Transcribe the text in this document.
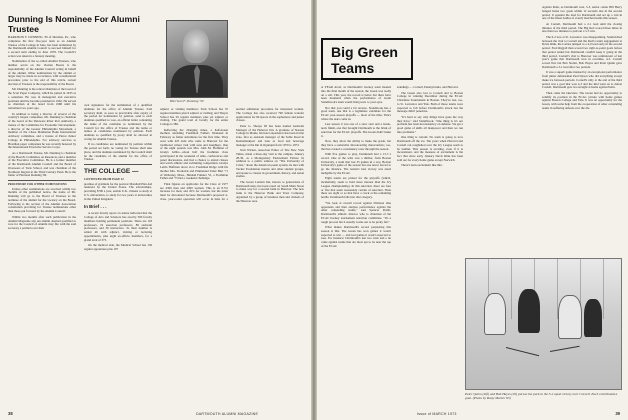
Dunning Is Nominee For Alumni Trustee
Harrison F. Dunning '30

HARRISON F. DUNNING '30 of Meridan, Pa., who completes his first five-year term as an Alumni Trustee of the College in June, has been nominated by the Dartmouth Alumni Council to succeed himself for a second term ending in June 1978. The Council's action was taken in a January meeting.

Nomination of the so-called Alumni Trustees, who number seven on the 16-man Board, is the responsibility of the Alumni Council acting in behalf of the alumni. Other nominations by the alumni or larger may be made in accordance with constitutional procedure prior to the end of this article. Actual election of Trustees is the responsibility of the Board.

Mr. Dunning is the retired chairman of the board of the Scott Paper Company, which he joined in 1933 as a salesman. He rose in managerial and executive positions until he became president in 1962. He served as chairman of the board from 1968 until his retirement two years ago.

In addition to being a director of several of the country's largest companies, Mr. Dunning is chairman of the board of the Delaware River Port Authority, a trustee of the Committee for Economic Development, a director of the Greater Philadelphia Movement, a member of the Chase Manhattan Bank International Advisory committee, and a trustee of Pierce Junior College in Philadelphia. For advisory services to Brazilian paper companies he was recently honored by the International Executive Service Corps.

As a Dartmouth Trustee, Mr. Dunning is chairman of the Board's Committee on Resources and a member of the Executive Committee. He is a former member of the Dartmouth Alumni Council and the Board of Overseers of Tuck School, and was chairman of the Northeast Region in the Third Century Fund. He is the father of Harrison Dunning '69.

PROCEDURE FOR OTHER NOMINATIONS

Unless other nominations are received within two months of the published notice, the name of Mr. Dunning will go to the Board of Trustees as the nominee of the alumni for the vacancy on the Board. Following is the section of the Alumni Association constitution providing for Trustee nominations other than those put forward by the Alumni Council:

Within two months after such publication in the Alumni Magazine any ten alumni deemed qualified to vote for the Council of Alumni may file with the said secretary a petition over their

own signatures for the nomination of a qualified alumnus for the office of Alumni Trustee. Said secretary shall, as soon as practicable after expiry of the period for nomination by petition, send to each alumnus qualified to vote, an official ballot containing the name of the candidate so nominated by the Council for the office of Trustee and the name or names of candidates nominated by petition. Each alumnus so qualified by proxy shall be allowed in voting for Alumni Trustee.

If no candidates are nominated by petition within the period set forth, no voting for Trustee shall take place, and the alumnus nominated by the Council shall be the candidate of the alumni for the office of Trustee.

THE COLLEGE —
CONTINUED FROM PAGE 32

promise of gratitude for the postwar Marshall Plan Aid tendered by the United States. The scholarships, providing $700 a year, enable U.K. citizens to study at U.S. universities, to study for two years at universities in the United Kingdom.

In Brief . . .

A recent faculty report on tenure indicated that the College of Arts and Sciences has exactly 300 faculty members holding permanent positions. There are 118 professors, 19 associate professors, 89 assistant professors, and 36 instructors. To their number is added 46 with adjunct, visiting or lecturing appointments, plus eight ex-officio members, for a grand total of 373.

On the medical side, the Medical School has 136 regular appointees plus 107

adjunct or visiting members; Tuck School has 35 regular members plus 6 adjunct or visiting; and Thayer School has 29 regular members plus six adjunct or visiting. The grand total of faculty for the entire College is 586.

Reflecting the changing times, a half-dozen mothers attending Freshman Fathers Weekend in February as father substitutes for the first time. They were with 425 dads who came to Hanover for the traditional winter visit with sons and daughters. One of the eight parents was Mrs. John M. Hoffman of Gladys Gibbs—about half the freshman class participated in the weekend of talks, conferences and panel discussions, and had a chance to attend classes and watch athletic and swimming competition. Gladys Lebbs Hoffman drove in to Freshman Ridge with his mother Mrs. Frederick and Emmanuel Taber Burt '71 of Wellesley, Mass., Hannah Falkner '51, a Freshman Father and '73 had a weekend challenge.

Final figures on applicants for the Class of 1977 are 4300 men and 2000 women. This is an 8.5% increase for men, and 45% for women, but the latter must be discounted because Dartmouth's proposed 4-class, year-round operation will occur in time for a normal admission procedure for interested women. The College has also received 790 female transfer applications for 90 spaces in the sophomore and junior classes.

Peter G. Shorpe III has been named Assistant Manager of the Hanover Inn. A graduate of Nasson College in Maine, his hotel experience has been in that state, first as assistant manager of the Sable Road in Kennebunkport and later as food and beverage manager at the Inn in Ogunquit from 1970 to 1973.

Tom Wicker, Associate Editor of The New York Times, made a three-day visit to the campus, January 28-30, as a Montgomery Endowment Fellow. In addition to a public address on "The University of Crisis," about the American penal system, he met with Tucker Foundation interns and other student groups, and spoke to classes in government, history, and Asian studies.

The Green Lantern Inn, known to generations of Dartmouth men, has been razed on South Main Street to make way for a second bank in Hanover. The new bank is the Hanover Bank and Trust Company, organized by a group of business men and citizens of the Hanover area.

38	DARTMOUTH ALUMNI MAGAZINE
Big Green Teams

A YEAR AGO, as Dartmouth's hockey team headed into the final month of the season, the Green was really on a roll. This year, the record is better but there have been moments when the performance of Grant Standbrook's team would bring tears to your eyes.

Not that you could a bit reverse. Standbrook has a good team, one that is a legitimate candidate for the ECAC post-season playoffs — most of the time. That's where the tears come in.

Last season it was one of a slow start and a break-neck finish, one that brought Dartmouth to the brink of selection for the ECAC playoffs. The Green didn't make it.

Now, they show the ability to make the grade, but they have a somewhat disconcerting characteristic, too, that has created a consistency error through the season.

With five games to play, Dartmouth had a 13-7-1 record. One of the wins was a thriller, from Boston University, a team that lost 35 games in a row. Boston University's game of the season but one never forced to go the distance. The nation's best victory was ruled ineligible by the ECAC.

Eight teams are picked for the playoffs (which, incidentally, seem to hold more interest than the Ivy League championship). In this selection, there are four or five that seem reasonably certain of selection. Then there are eight or so that have a crack at the remaining berths. Dartmouth falls into that category.

"We look at overall record against Division One opponents and then analyze performance against the other contending teams," said Spencer Pettitt, Dartmouth's athletic director who is chairman of the ECAC hockey tournament selection committee. "It's a tough process but it usually works out to be pretty fair."

What makes Dartmouth's record perplexing this season is this. The Green has won games it wasn't expected to win — and lost games it wasn't expected to lose. For instance: Dartmouth's last two wins and a tie came against teams that are most apt to be near the top of the ECAC

standings — Cornell, Pennsylvania, and Harvard.

The Green also lost to Cornell and to Boston College in winning December during the ECAC Christmas Tournament in Boston. They've lost, too, to St. Lawrence and Yale. Both of those teams were expected to fall before Dartmouth's attack but the message didn't penetrate.

"It's hard to say why things have gone the way they have," said Standbrook. "One thing is it's our problem has been inconsistency on defense. We get a good game of skills all manpower and then we run into problems."

One thing is certain: No team is going to love Dartmouth off the ice. The years when Harvard and Cornell ran roughshod over the Ivy League seem to be behind. This season is exciting, even if it is inconsistent, and the measure of excitement is the fact that since early January Davis Rink has been sold out for every home game except Norwich.

There's been excitement like this:

Against Penn, as Dartmouth won, 5-3, senior center Bill Berry banged home two goals within 12 seconds late in the second period. It equaled the lead for Dartmouth and set up a win in one of the finest battles of evenly matched teams this season.

At Cornell, Dartmouth had a 2-1 lead until the closing minutes of the third period. The Big Red scored three times in less than two minutes to pull out a 5-3 win.

The 6-2 loss at St. Lawrence was disappointing. Sandwiched between the visit to Cornell and the Red's return engagement at Davis Rink, the Larries jumped to a 4-0 lead early in the second period. Fred Riggall then scored two right-to-point goals before that period ended but Dartmouth couldn't keep it going in the third period. Cornell's visit to Hanover was reminiscent of last year's game that Dartmouth won in overtime, 4-3. Cornell scored first but Bob Stoller, Bob Hayes and Peter Quinn gave Dartmouth a 3-1 lead after two periods.

It was a superb game marked by an exceptional performance from junior defenseman Paul Dyson who did everything except make ice between periods. Cornell's rally at the end of the third period was a goal that won 4-3 and the Red went on to defeat Cornell. Dartmouth gets two straight at home against Penn.

Then came the lakeview. The Green had no opportunity to solidify its position in the ECAC picture with home games against Boston College and Yale. It was an opportunity for the Green, with some help from the cooperation of other contending teams in suffering defeats over the dis-

Peter Quinn (left) and Bob Hayes (20) pursue the puck in the 3-2 upset victory over Cornell. Each contributed a goal. (Photo by Rusty Martin '63)
Issue of MARCH 1973	39
